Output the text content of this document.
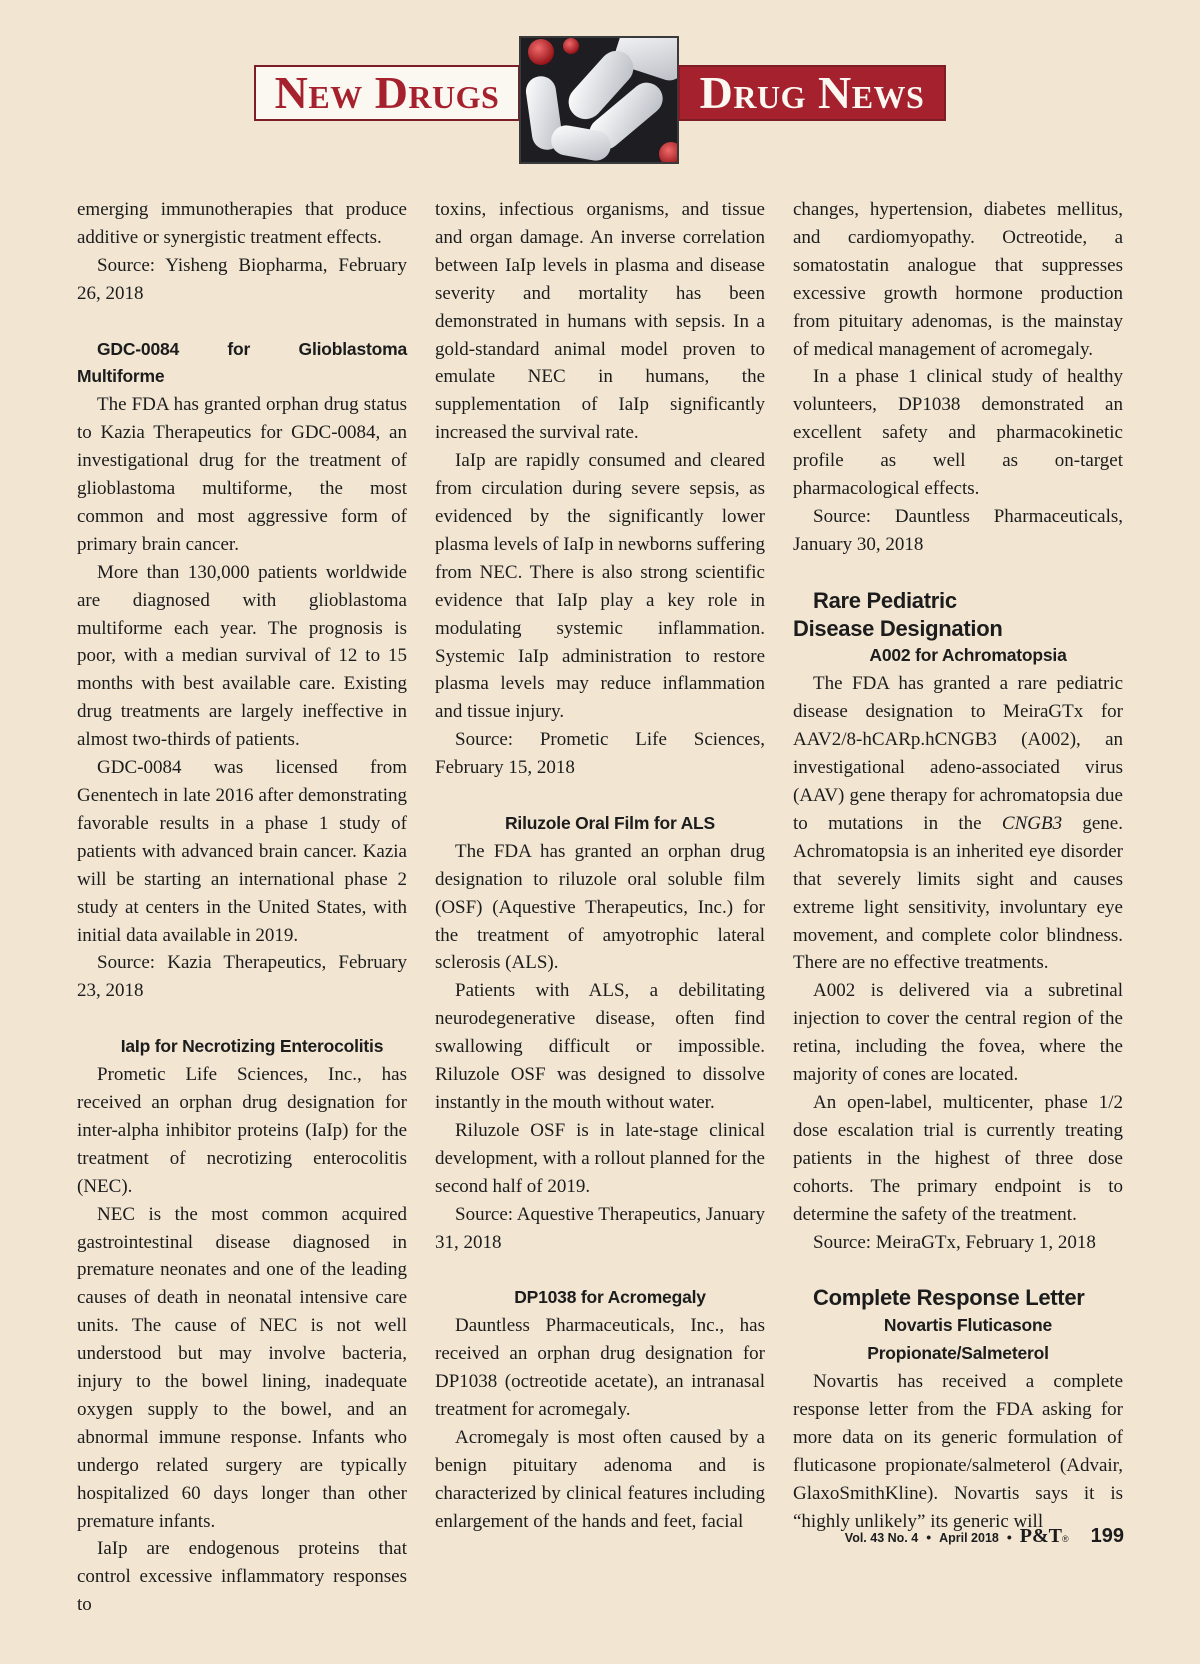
New Drugs	Drug News

emerging immunotherapies that produce additive or synergistic treatment effects.

Source: Yisheng Biopharma, February 26, 2018

GDC-0084 for Glioblastoma Multiforme

The FDA has granted orphan drug status to Kazia Therapeutics for GDC-0084, an investigational drug for the treatment of glioblastoma multiforme, the most common and most aggressive form of primary brain cancer.

More than 130,000 patients worldwide are diagnosed with glioblastoma multiforme each year. The prognosis is poor, with a median survival of 12 to 15 months with best available care. Existing drug treatments are largely ineffective in almost two-thirds of patients.

GDC-0084 was licensed from Genentech in late 2016 after demonstrating favorable results in a phase 1 study of patients with advanced brain cancer. Kazia will be starting an international phase 2 study at centers in the United States, with initial data available in 2019.

Source: Kazia Therapeutics, February 23, 2018

IaIp for Necrotizing Enterocolitis

Prometic Life Sciences, Inc., has received an orphan drug designation for inter-alpha inhibitor proteins (IaIp) for the treatment of necrotizing enterocolitis (NEC).

NEC is the most common acquired gastrointestinal disease diagnosed in premature neonates and one of the leading causes of death in neonatal intensive care units. The cause of NEC is not well understood but may involve bacteria, injury to the bowel lining, inadequate oxygen supply to the bowel, and an abnormal immune response. Infants who undergo related surgery are typically hospitalized 60 days longer than other premature infants.

IaIp are endogenous proteins that control excessive inflammatory responses to

toxins, infectious organisms, and tissue and organ damage. An inverse correlation between IaIp levels in plasma and disease severity and mortality has been demonstrated in humans with sepsis. In a gold-standard animal model proven to emulate NEC in humans, the supplementation of IaIp significantly increased the survival rate.

IaIp are rapidly consumed and cleared from circulation during severe sepsis, as evidenced by the significantly lower plasma levels of IaIp in newborns suffering from NEC. There is also strong scientific evidence that IaIp play a key role in modulating systemic inflammation. Systemic IaIp administration to restore plasma levels may reduce inflammation and tissue injury.

Source: Prometic Life Sciences, February 15, 2018

Riluzole Oral Film for ALS

The FDA has granted an orphan drug designation to riluzole oral soluble film (OSF) (Aquestive Therapeutics, Inc.) for the treatment of amyotrophic lateral sclerosis (ALS).

Patients with ALS, a debilitating neurodegenerative disease, often find swallowing difficult or impossible. Riluzole OSF was designed to dissolve instantly in the mouth without water.

Riluzole OSF is in late-stage clinical development, with a rollout planned for the second half of 2019.

Source: Aquestive Therapeutics, January 31, 2018

DP1038 for Acromegaly

Dauntless Pharmaceuticals, Inc., has received an orphan drug designation for DP1038 (octreotide acetate), an intranasal treatment for acromegaly.

Acromegaly is most often caused by a benign pituitary adenoma and is characterized by clinical features including enlargement of the hands and feet, facial

changes, hypertension, diabetes mellitus, and cardiomyopathy. Octreotide, a somatostatin analogue that suppresses excessive growth hormone production from pituitary adenomas, is the mainstay of medical management of acromegaly.

In a phase 1 clinical study of healthy volunteers, DP1038 demonstrated an excellent safety and pharmacokinetic profile as well as on-target pharmacological effects.

Source: Dauntless Pharmaceuticals, January 30, 2018

Rare Pediatric
Disease Designation

A002 for Achromatopsia

The FDA has granted a rare pediatric disease designation to MeiraGTx for AAV2/8-hCARp.hCNGB3 (A002), an investigational adeno-associated virus (AAV) gene therapy for achromatopsia due to mutations in the CNGB3 gene. Achromatopsia is an inherited eye disorder that severely limits sight and causes extreme light sensitivity, involuntary eye movement, and complete color blindness. There are no effective treatments.

A002 is delivered via a subretinal injection to cover the central region of the retina, including the fovea, where the majority of cones are located.

An open-label, multicenter, phase 1/2 dose escalation trial is currently treating patients in the highest of three dose cohorts. The primary endpoint is to determine the safety of the treatment.

Source: MeiraGTx, February 1, 2018

Complete Response Letter

Novartis Fluticasone
Propionate/Salmeterol

Novartis has received a complete response letter from the FDA asking for more data on its generic formulation of fluticasone propionate/salmeterol (Advair, GlaxoSmithKline). Novartis says it is “highly unlikely” its generic will

Vol. 43 No. 4 • April 2018 • P&T® 199
